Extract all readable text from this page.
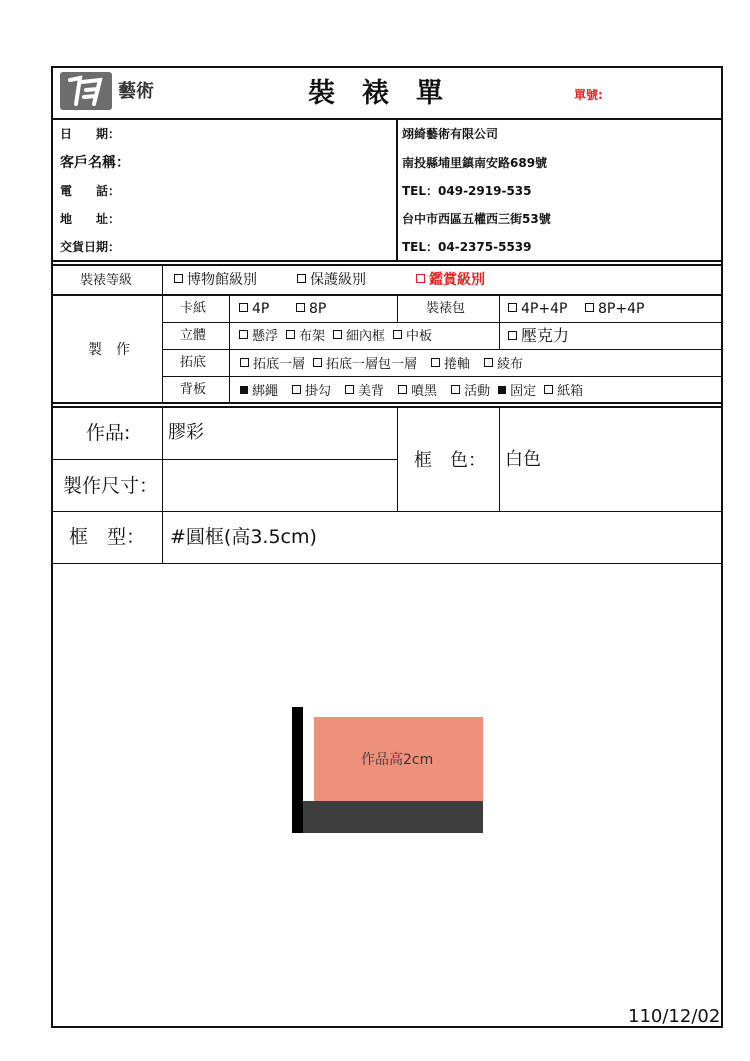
藝術	裝　裱　單	單號:
日　　期：
客戶名稱：
電　　話：
地　　址：
交貨日期：
翊綺藝術有限公司
南投縣埔里鎮南安路689號
TEL：049-2919-535
台中市西區五權西三街53號
TEL：04-2375-5539
裝裱等級	博物館級別	保護級別	鑑賞級別
製　作
卡紙	4P	8P	裝裱包	4P+4P	8P+4P
立體	懸浮 布架 細內框 中板	壓克力
拓底	拓底一層 拓底一層包一層 捲軸 綾布
背板	綁繩 掛勾 美背 噴黑 活動 固定 紙箱
作品: 膠彩
製作尺寸：
框　色： 白色
框　型： #圓框(高3.5cm)
作品高2cm
110/12/02
